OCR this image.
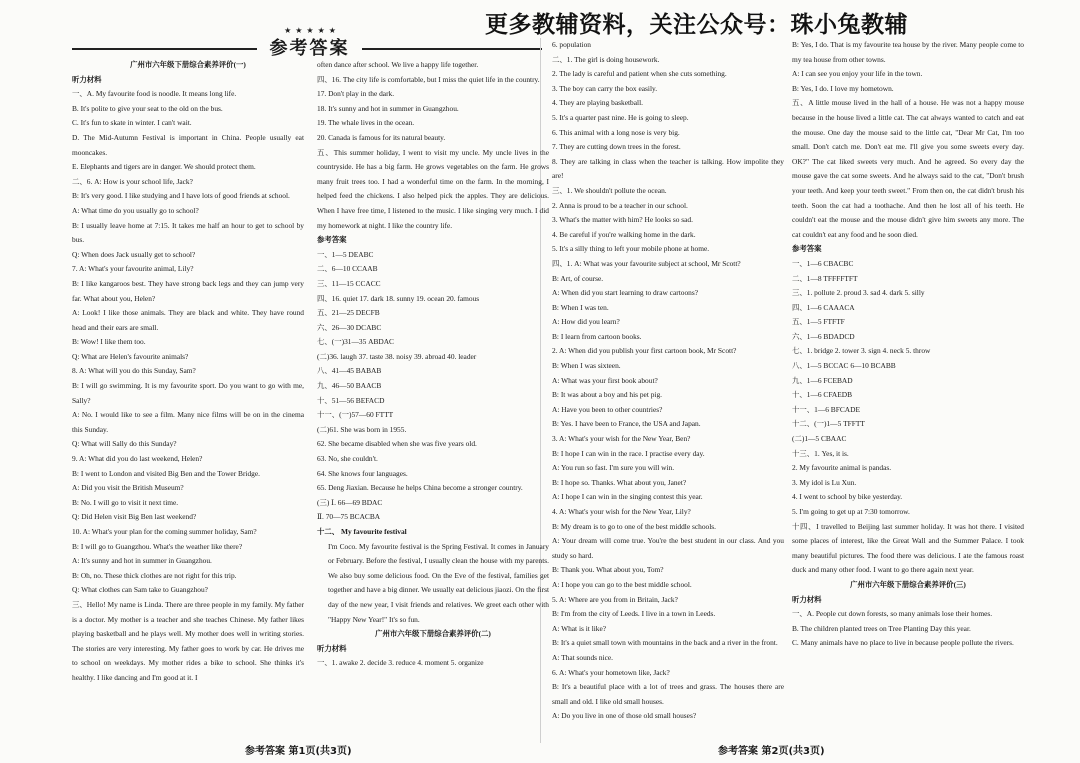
更多教辅资料，关注公众号：珠小兔教辅
★★★★★
参考答案

广州市六年级下册综合素养评价(一)

听力材料

一、A. My favourite food is noodle. It means long life.

B. It's polite to give your seat to the old on the bus.

C. It's fun to skate in winter. I can't wait.

D. The Mid-Autumn Festival is important in China. People usually eat mooncakes.

E. Elephants and tigers are in danger. We should protect them.

二、6. A: How is your school life, Jack?

B: It's very good. I like studying and I have lots of good friends at school.

A: What time do you usually go to school?

B: I usually leave home at 7:15. It takes me half an hour to get to school by bus.

Q: When does Jack usually get to school?

7. A: What's your favourite animal, Lily?

B: I like kangaroos best. They have strong back legs and they can jump very far. What about you, Helen?

A: Look! I like those animals. They are black and white. They have round head and their ears are small.

B: Wow! I like them too.

Q: What are Helen's favourite animals?

8. A: What will you do this Sunday, Sam?

B: I will go swimming. It is my favourite sport. Do you want to go with me, Sally?

A: No. I would like to see a film. Many nice films will be on in the cinema this Sunday.

Q: What will Sally do this Sunday?

9. A: What did you do last weekend, Helen?

B: I went to London and visited Big Ben and the Tower Bridge.

A: Did you visit the British Museum?

B: No. I will go to visit it next time.

Q: Did Helen visit Big Ben last weekend?

10. A: What's your plan for the coming summer holiday, Sam?

B: I will go to Guangzhou. What's the weather like there?

A: It's sunny and hot in summer in Guangzhou.

B: Oh, no. These thick clothes are not right for this trip.

Q: What clothes can Sam take to Guangzhou?

三、Hello! My name is Linda. There are three people in my family. My father is a doctor. My mother is a teacher and she teaches Chinese. My father likes playing basketball and he plays well. My mother does well in writing stories. The stories are very interesting. My father goes to work by car. He drives me to school on weekdays. My mother rides a bike to school. She thinks it's healthy. I like dancing and I'm good at it. I

often dance after school. We live a happy life together.

四、16. The city life is comfortable, but I miss the quiet life in the country.

17. Don't play in the dark.

18. It's sunny and hot in summer in Guangzhou.

19. The whale lives in the ocean.

20. Canada is famous for its natural beauty.

五、This summer holiday, I went to visit my uncle. My uncle lives in the countryside. He has a big farm. He grows vegetables on the farm. He grows many fruit trees too. I had a wonderful time on the farm. In the morning, I helped feed the chickens. I also helped pick the apples. They are delicious. When I have free time, I listened to the music. I like singing very much. I did my homework at night. I like the country life.

参考答案

一、1—5 DEABC

二、6—10 CCAAB

三、11—15 CCACC

四、16. quiet 17. dark 18. sunny 19. ocean 20. famous

五、21—25 DECFB

六、26—30 DCABC

七、(一)31—35 ABDAC

(二)36. laugh 37. taste 38. noisy 39. abroad 40. leader

八、41—45 BABAB

九、46—50 BAACB

十、51—56 BEFACD

十一、(一)57—60 FTTT

(二)61. She was born in 1955.

62. She became disabled when she was five years old.

63. No, she couldn't.

64. She knows four languages.

65. Deng Jiaxian. Because he helps China become a stronger country.

(三) Ⅰ. 66—69 BDAC

Ⅱ. 70—75 BCACBA

十二、 My favourite festival

I'm Coco. My favourite festival is the Spring Festival. It comes in January or February. Before the festival, I usually clean the house with my parents. We also buy some delicious food. On the Eve of the festival, families get together and have a big dinner. We usually eat delicious jiaozi. On the first day of the new year, I visit friends and relatives. We greet each other with "Happy New Year!" It's so fun.

广州市六年级下册综合素养评价(二)

听力材料

一、1. awake 2. decide 3. reduce 4. moment 5. organize

6. population

二、1. The girl is doing housework.

2. The lady is careful and patient when she cuts something.

3. The boy can carry the box easily.

4. They are playing basketball.

5. It's a quarter past nine. He is going to sleep.

6. This animal with a long nose is very big.

7. They are cutting down trees in the forest.

8. They are talking in class when the teacher is talking. How impolite they are!

三、1. We shouldn't pollute the ocean.

2. Anna is proud to be a teacher in our school.

3. What's the matter with him? He looks so sad.

4. Be careful if you're walking home in the dark.

5. It's a silly thing to left your mobile phone at home.

四、1. A: What was your favourite subject at school, Mr Scott?

B: Art, of course.

A: When did you start learning to draw cartoons?

B: When I was ten.

A: How did you learn?

B: I learn from cartoon books.

2. A: When did you publish your first cartoon book, Mr Scott?

B: When I was sixteen.

A: What was your first book about?

B: It was about a boy and his pet pig.

A: Have you been to other countries?

B: Yes. I have been to France, the USA and Japan.

3. A: What's your wish for the New Year, Ben?

B: I hope I can win in the race. I practise every day.

A: You run so fast. I'm sure you will win.

B: I hope so. Thanks. What about you, Janet?

A: I hope I can win in the singing contest this year.

4. A: What's your wish for the New Year, Lily?

B: My dream is to go to one of the best middle schools.

A: Your dream will come true. You're the best student in our class. And you study so hard.

B: Thank you. What about you, Tom?

A: I hope you can go to the best middle school.

5. A: Where are you from in Britain, Jack?

B: I'm from the city of Leeds. I live in a town in Leeds.

A: What is it like?

B: It's a quiet small town with mountains in the back and a river in the front.

A: That sounds nice.

6. A: What's your hometown like, Jack?

B: It's a beautiful place with a lot of trees and grass. The houses there are small and old. I like old small houses.

A: Do you live in one of those old small houses?

B: Yes, I do. That is my favourite tea house by the river. Many people come to my tea house from other towns.

A: I can see you enjoy your life in the town.

B: Yes, I do. I love my hometown.

五、A little mouse lived in the hall of a house. He was not a happy mouse because in the house lived a little cat. The cat always wanted to catch and eat the mouse. One day the mouse said to the little cat, "Dear Mr Cat, I'm too small. Don't catch me. Don't eat me. I'll give you some sweets every day. OK?" The cat liked sweets very much. And he agreed. So every day the mouse gave the cat some sweets. And he always said to the cat, "Don't brush your teeth. And keep your teeth sweet." From then on, the cat didn't brush his teeth. Soon the cat had a toothache. And then he lost all of his teeth. He couldn't eat the mouse and the mouse didn't give him sweets any more. The cat couldn't eat any food and he soon died.

参考答案

一、1—6 CBACBC

二、1—8 TFFFFTFT

三、1. pollute 2. proud 3. sad 4. dark 5. silly

四、1—6 CAAACA

五、1—5 FTFTF

六、1—6 BDADCD

七、1. bridge 2. tower 3. sign 4. neck 5. throw

八、1—5 BCCAC 6—10 BCABB

九、1—6 FCEBAD

十、1—6 CFAEDB

十一、1—6 BFCADE

十二、(一)1—5 TFFTT

(二)1—5 CBAAC

十三、1. Yes, it is.

2. My favourite animal is pandas.

3. My idol is Lu Xun.

4. I went to school by bike yesterday.

5. I'm going to get up at 7:30 tomorrow.

十四、I travelled to Beijing last summer holiday. It was hot there. I visited some places of interest, like the Great Wall and the Summer Palace. I took many beautiful pictures. The food there was delicious. I ate the famous roast duck and many other food. I want to go there again next year.

广州市六年级下册综合素养评价(三)

听力材料

一、A. People cut down forests, so many animals lose their homes.

B. The children planted trees on Tree Planting Day this year.

C. Many animals have no place to live in because people pollute the rivers.

参考答案 第1页(共3页)	参考答案 第2页(共3页)
